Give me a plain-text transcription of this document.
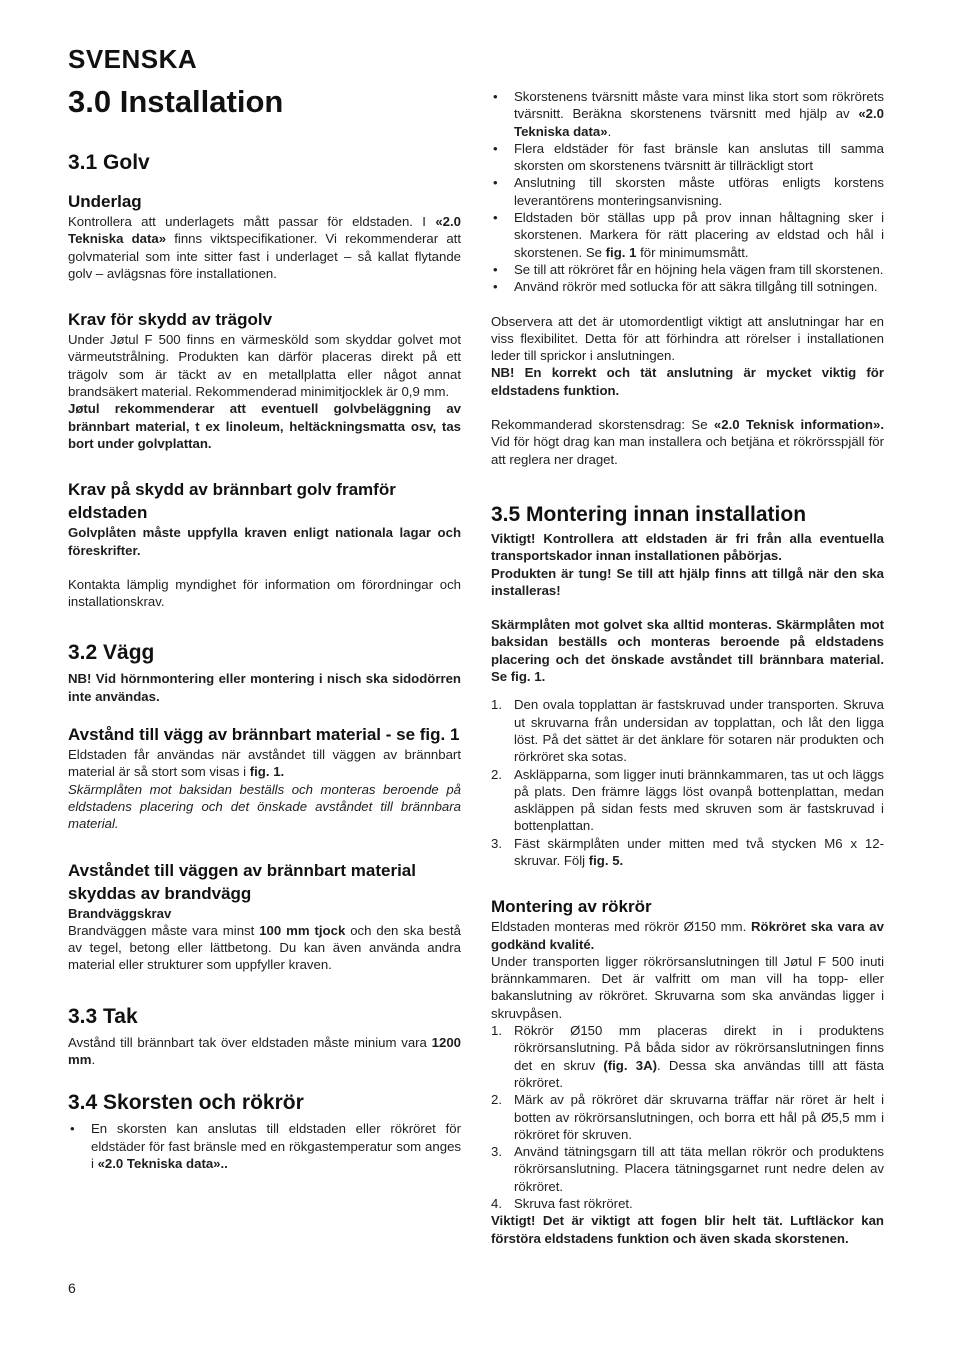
SVENSKA
3.0 Installation
3.1 Golv
Underlag

Kontrollera att underlagets mått passar för eldstaden. I «2.0 Tekniska data» finns viktspecifikationer. Vi rekommenderar att golvmaterial som inte sitter fast i underlaget – så kallat flytande golv – avlägsnas före installationen.

Krav för skydd av trägolv

Under Jøtul F 500 finns en värmesköld som skyddar golvet mot värmeutstrålning. Produkten kan därför placeras direkt på ett trägolv som är täckt av en metallplatta eller något annat brandsäkert material. Rekommenderad minimitjocklek är 0,9 mm.

Jøtul rekommenderar att eventuell golvbeläggning av brännbart material, t ex linoleum, heltäckningsmatta osv, tas bort under golvplattan.

Krav på skydd av brännbart golv framför eldstaden

Golvplåten måste uppfylla kraven enligt nationala lagar och föreskrifter.

Kontakta lämplig myndighet för information om förordningar och installationskrav.

3.2 Vägg

NB! Vid hörnmontering eller montering i nisch ska sidodörren inte användas.

Avstånd till vägg av brännbart material - se fig. 1

Eldstaden får användas när avståndet till väggen av brännbart material är så stort som visas i fig. 1.

Skärmplåten mot baksidan beställs och monteras beroende på eldstadens placering och det önskade avståndet till brännbara material.

Avståndet till väggen av brännbart material skyddas av brandvägg

Brandväggskrav

Brandväggen måste vara minst 100 mm tjock och den ska bestå av tegel, betong eller lättbetong. Du kan även använda andra material eller strukturer som uppfyller kraven.

3.3 Tak

Avstånd till brännbart tak över eldstaden måste minium vara 1200 mm.

3.4 Skorsten och rökrör
• En skorsten kan anslutas till eldstaden eller rökröret för eldstäder för fast bränsle med en rökgastemperatur som anges i «2.0 Tekniska data»..
• Skorstenens tvärsnitt måste vara minst lika stort som rökrörets tvärsnitt. Beräkna skorstenens tvärsnitt med hjälp av «2.0 Tekniska data».
• Flera eldstäder för fast bränsle kan anslutas till samma skorsten om skorstenens tvärsnitt är tillräckligt stort
• Anslutning till skorsten måste utföras enligts korstens leverantörens monteringsanvisning.
• Eldstaden bör ställas upp på prov innan håltagning sker i skorstenen. Markera för rätt placering av eldstad och hål i skorstenen. Se fig. 1 för minimumsmått.
• Se till att rökröret får en höjning hela vägen fram till skorstenen.
• Använd rökrör med sotlucka för att säkra tillgång till sotningen.

Observera att det är utomordentligt viktigt att anslutningar har en viss flexibilitet. Detta för att förhindra att rörelser i installationen leder till sprickor i anslutningen.

NB! En korrekt och tät anslutning är mycket viktig för eldstadens funktion.

Rekommanderad skorstensdrag: Se «2.0 Teknisk information». Vid för högt drag kan man installera och betjäna et rökrörsspjäll för att reglera ner draget.

3.5 Montering innan installation

Viktigt! Kontrollera att eldstaden är fri från alla eventuella transportskador innan installationen påbörjas.

Produkten är tung! Se till att hjälp finns att tillgå när den ska installeras!

Skärmplåten mot golvet ska alltid monteras. Skärmplåten mot baksidan beställs och monteras beroende på eldstadens placering och det önskade avståndet till brännbara material. Se fig. 1.

1. Den ovala topplattan är fastskruvad under transporten. Skruva ut skruvarna från undersidan av topplattan, och låt den ligga löst. På det sättet är det änklare för sotaren när produkten och rörkröret ska sotas.
2. Askläpparna, som ligger inuti brännkammaren, tas ut och läggs på plats. Den främre läggs löst ovanpå bottenplattan, medan askläppen på sidan fests med skruven som är fastskruvad i bottenplattan.
3. Fäst skärmplåten under mitten med två stycken M6 x 12-skruvar. Följ fig. 5.
Montering av rökrör

Eldstaden monteras med rökrör Ø150 mm. Rökröret ska vara av godkänd kvalité.

Under transporten ligger rökrörsanslutningen till Jøtul F 500 inuti brännkammaren. Det är valfritt om man vill ha topp- eller bakanslutning av rökröret. Skruvarna som ska användas ligger i skruvpåsen.

1. Rökrör Ø150 mm placeras direkt in i produktens rökrörsanslutning. På båda sidor av rökrörsanslutningen finns det en skruv (fig. 3A). Dessa ska användas tilll att fästa rökröret.
2. Märk av på rökröret där skruvarna träffar när röret är helt i botten av rökrörsanslutningen, och borra ett hål på Ø5,5 mm i rökröret för skruven.
3. Använd tätningsgarn till att täta mellan rökrör och produktens rökrörsanslutning. Placera tätningsgarnet runt nedre delen av rökröret.
4. Skruva fast rökröret.

Viktigt! Det är viktigt att fogen blir helt tät. Luftläckor kan förstöra eldstadens funktion och även skada skorstenen.

6
